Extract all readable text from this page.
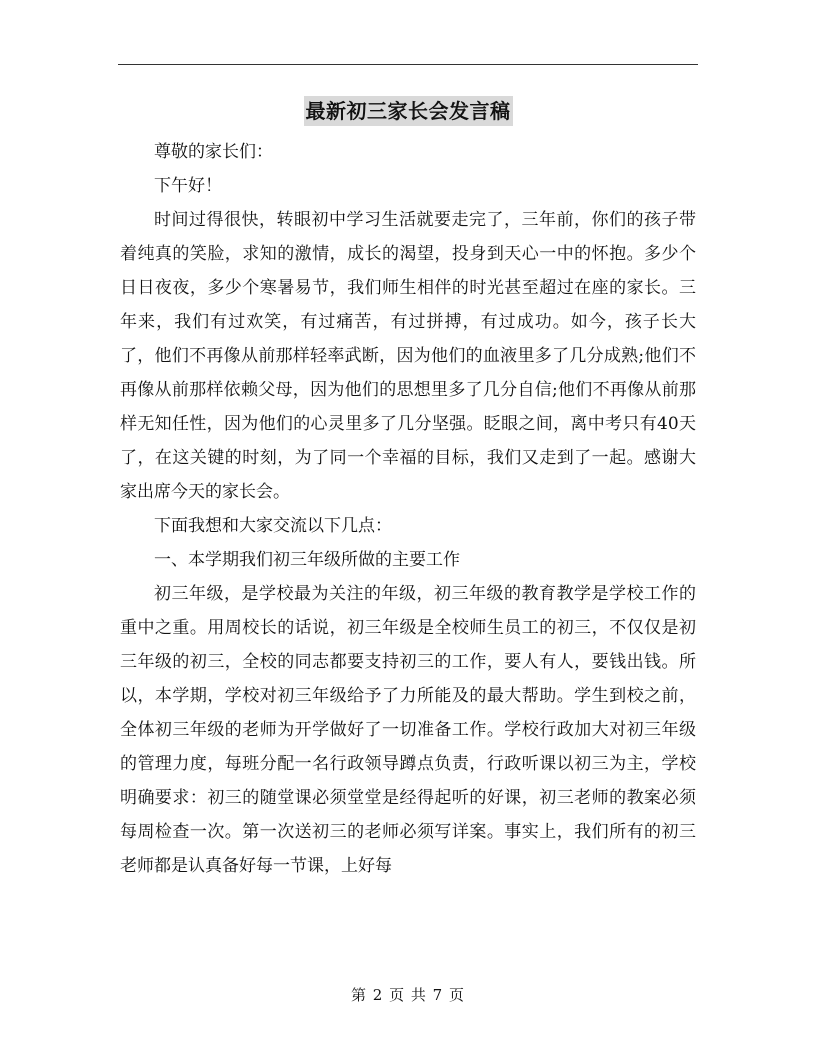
最新初三家长会发言稿

尊敬的家长们：

下午好！

时间过得很快，转眼初中学习生活就要走完了，三年前，你们的孩子带着纯真的笑脸，求知的激情，成长的渴望，投身到天心一中的怀抱。多少个日日夜夜，多少个寒暑易节，我们师生相伴的时光甚至超过在座的家长。三年来，我们有过欢笑，有过痛苦，有过拼搏，有过成功。如今，孩子长大了，他们不再像从前那样轻率武断，因为他们的血液里多了几分成熟;他们不再像从前那样依赖父母，因为他们的思想里多了几分自信;他们不再像从前那样无知任性，因为他们的心灵里多了几分坚强。眨眼之间，离中考只有40天了，在这关键的时刻，为了同一个幸福的目标，我们又走到了一起。感谢大家出席今天的家长会。

下面我想和大家交流以下几点：

一、本学期我们初三年级所做的主要工作

初三年级，是学校最为关注的年级，初三年级的教育教学是学校工作的重中之重。用周校长的话说，初三年级是全校师生员工的初三，不仅仅是初三年级的初三，全校的同志都要支持初三的工作，要人有人，要钱出钱。所以，本学期，学校对初三年级给予了力所能及的最大帮助。学生到校之前，全体初三年级的老师为开学做好了一切准备工作。学校行政加大对初三年级的管理力度，每班分配一名行政领导蹲点负责，行政听课以初三为主，学校明确要求：初三的随堂课必须堂堂是经得起听的好课，初三老师的教案必须每周检查一次。第一次送初三的老师必须写详案。事实上，我们所有的初三老师都是认真备好每一节课，上好每

第 2 页 共 7 页
